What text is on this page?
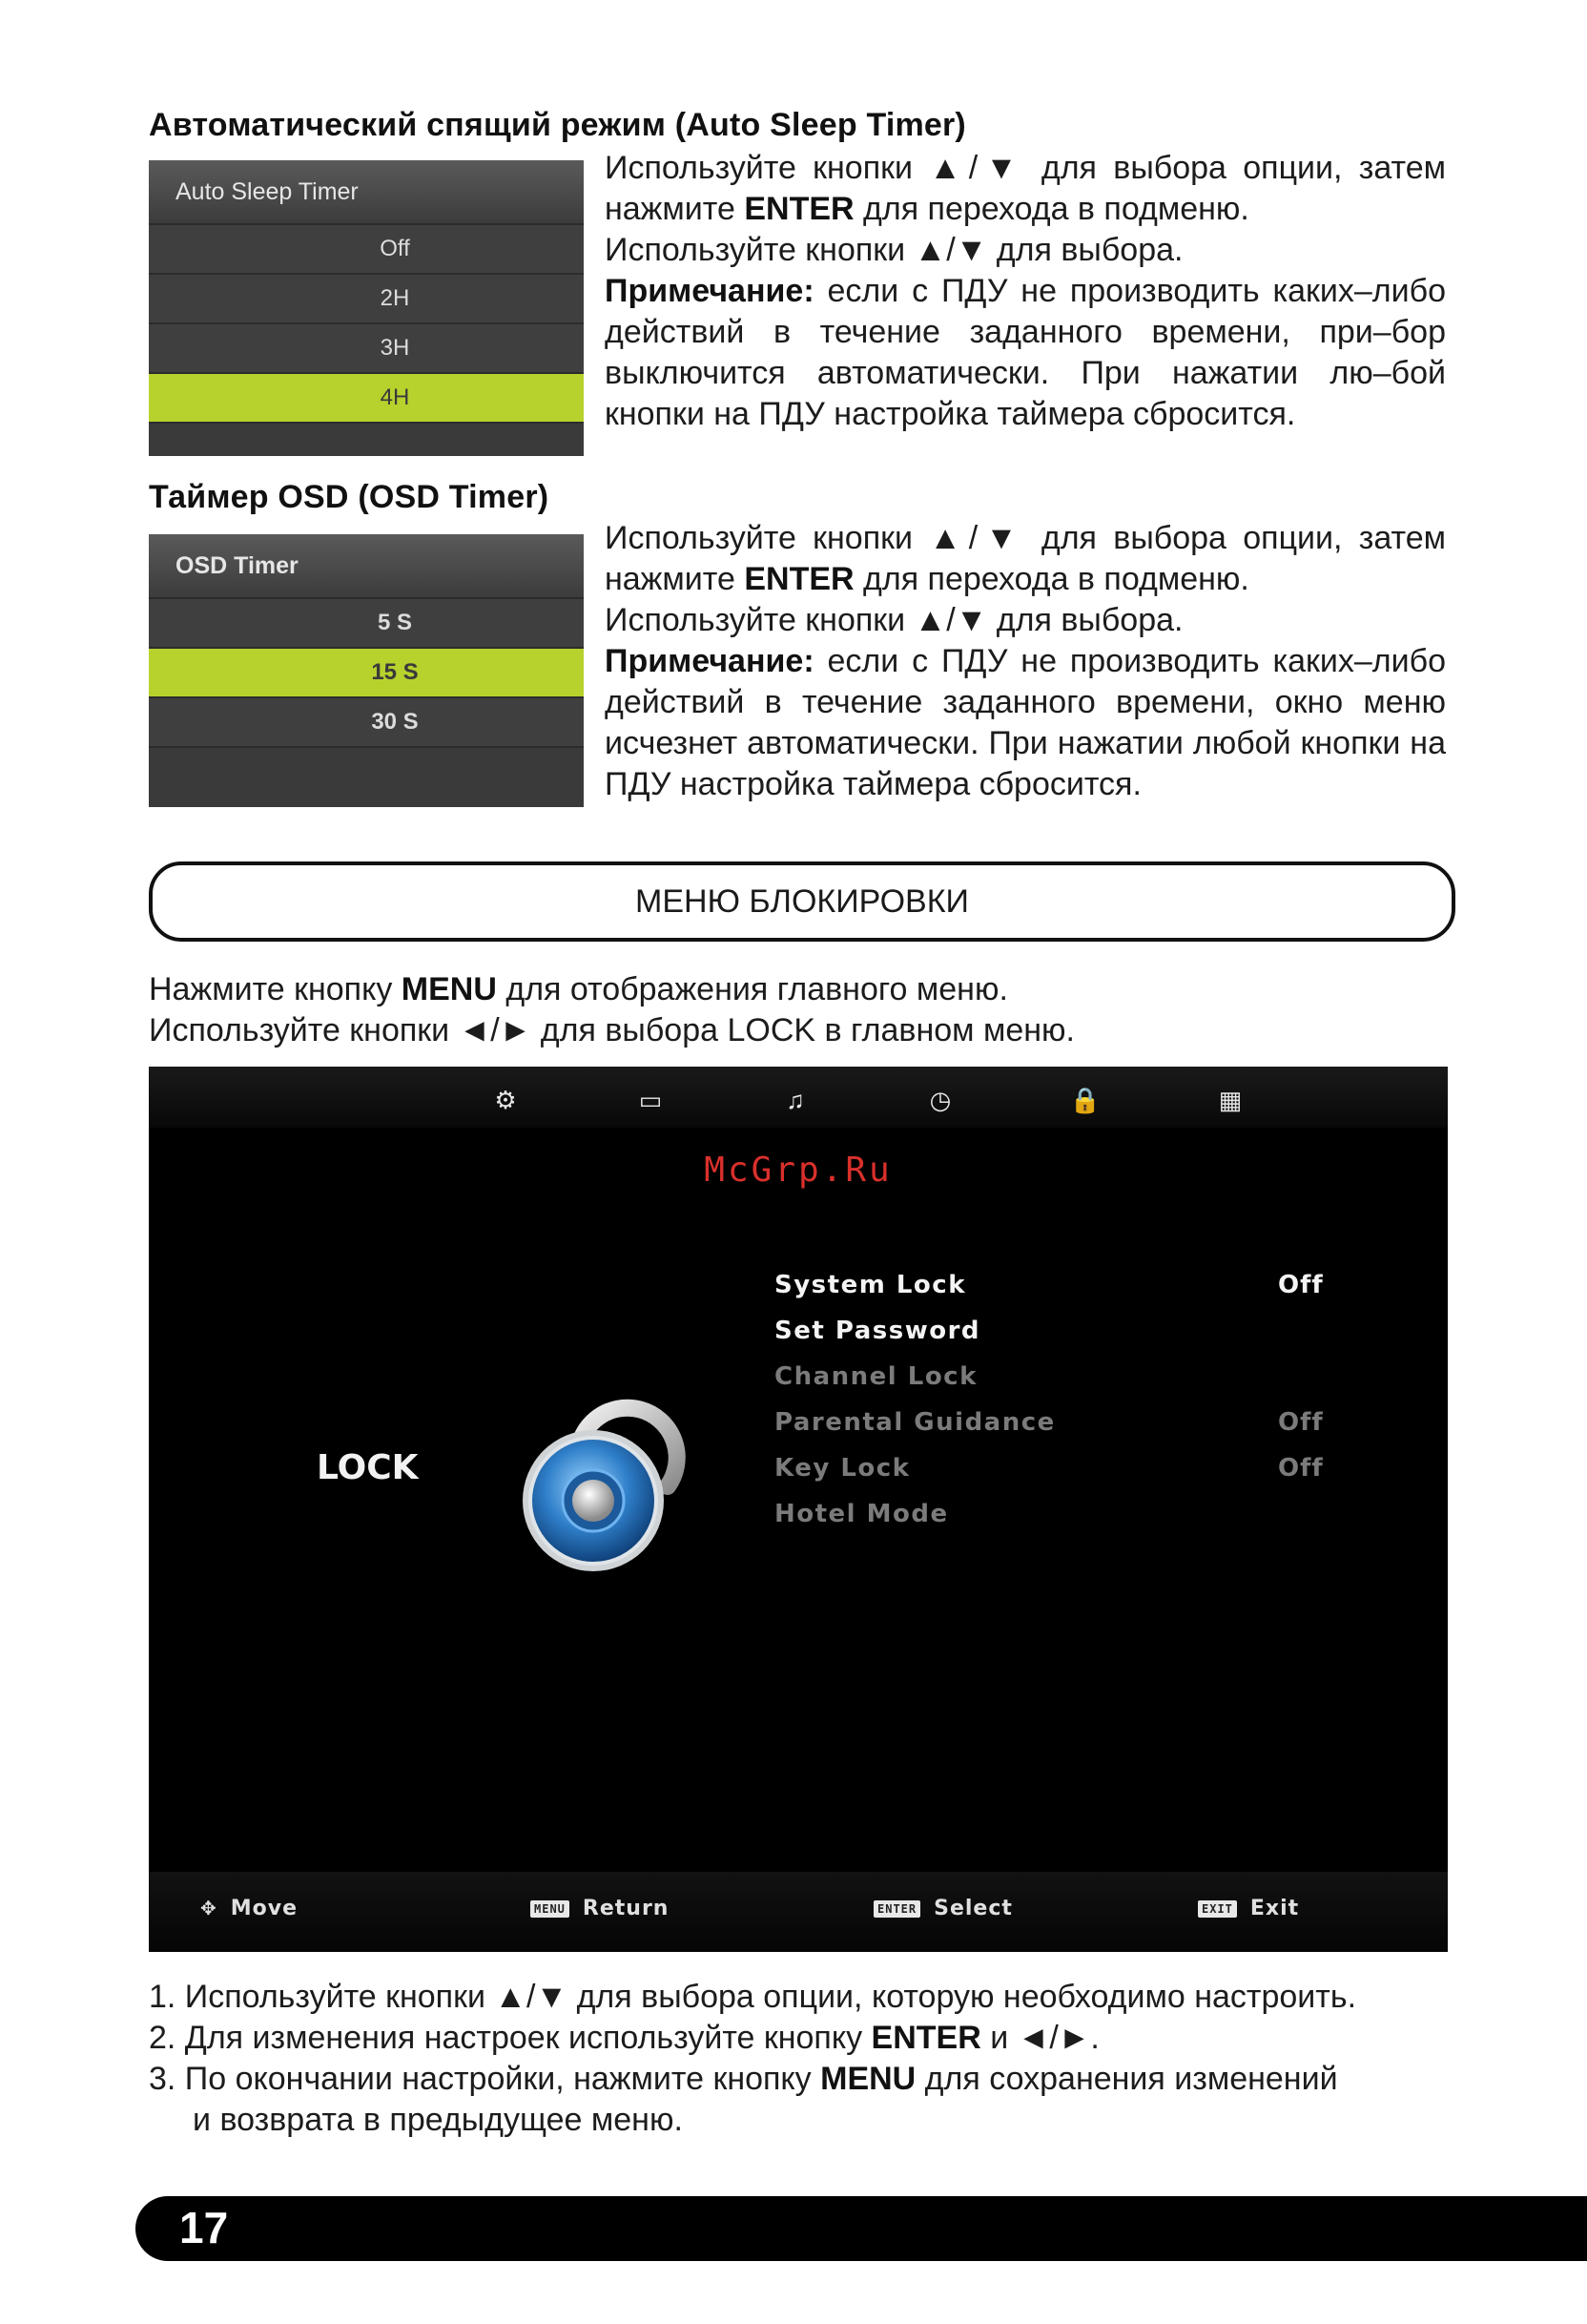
Автоматический спящий режим (Auto Sleep Timer)
Auto Sleep Timer
Off
2H
3H
4H

Используйте кнопки ▲/▼ для выбора опции, затем нажмите ENTER для перехода в подменю.

Используйте кнопки ▲/▼ для выбора.

Примечание: если с ПДУ не производить каких–либо действий в течение заданного времени, при–бор выключится автоматически. При нажатии лю–бой кнопки на ПДУ настройка таймера сбросится.

Таймер OSD (OSD Timer)
OSD Timer
5 S
15 S
30 S

Используйте кнопки ▲/▼ для выбора опции, затем нажмите ENTER для перехода в подменю.

Используйте кнопки ▲/▼ для выбора.

Примечание: если с ПДУ не производить каких–либо действий в течение заданного времени, окно меню исчезнет автоматически. При нажатии любой кнопки на ПДУ настройка таймера сбросится.

МЕНЮ БЛОКИРОВКИ

Нажмите кнопку MENU для отображения главного меню.

Используйте кнопки ◄/► для выбора LOCK в главном меню.

⚙	▭	♫	◷	🔒	▦
McGrp.Ru
LOCK
System Lock	Off
Set Password
Channel Lock
Parental Guidance	Off
Key Lock	Off
Hotel Mode
✥ Move	MENU Return	ENTER Select	EXIT Exit

1. Используйте кнопки ▲/▼ для выбора опции, которую необходимо настроить.

2. Для изменения настроек используйте кнопку ENTER и ◄/►.

3. По окончании настройки, нажмите кнопку MENU для сохранения изменений

и возврата в предыдущее меню.

17
